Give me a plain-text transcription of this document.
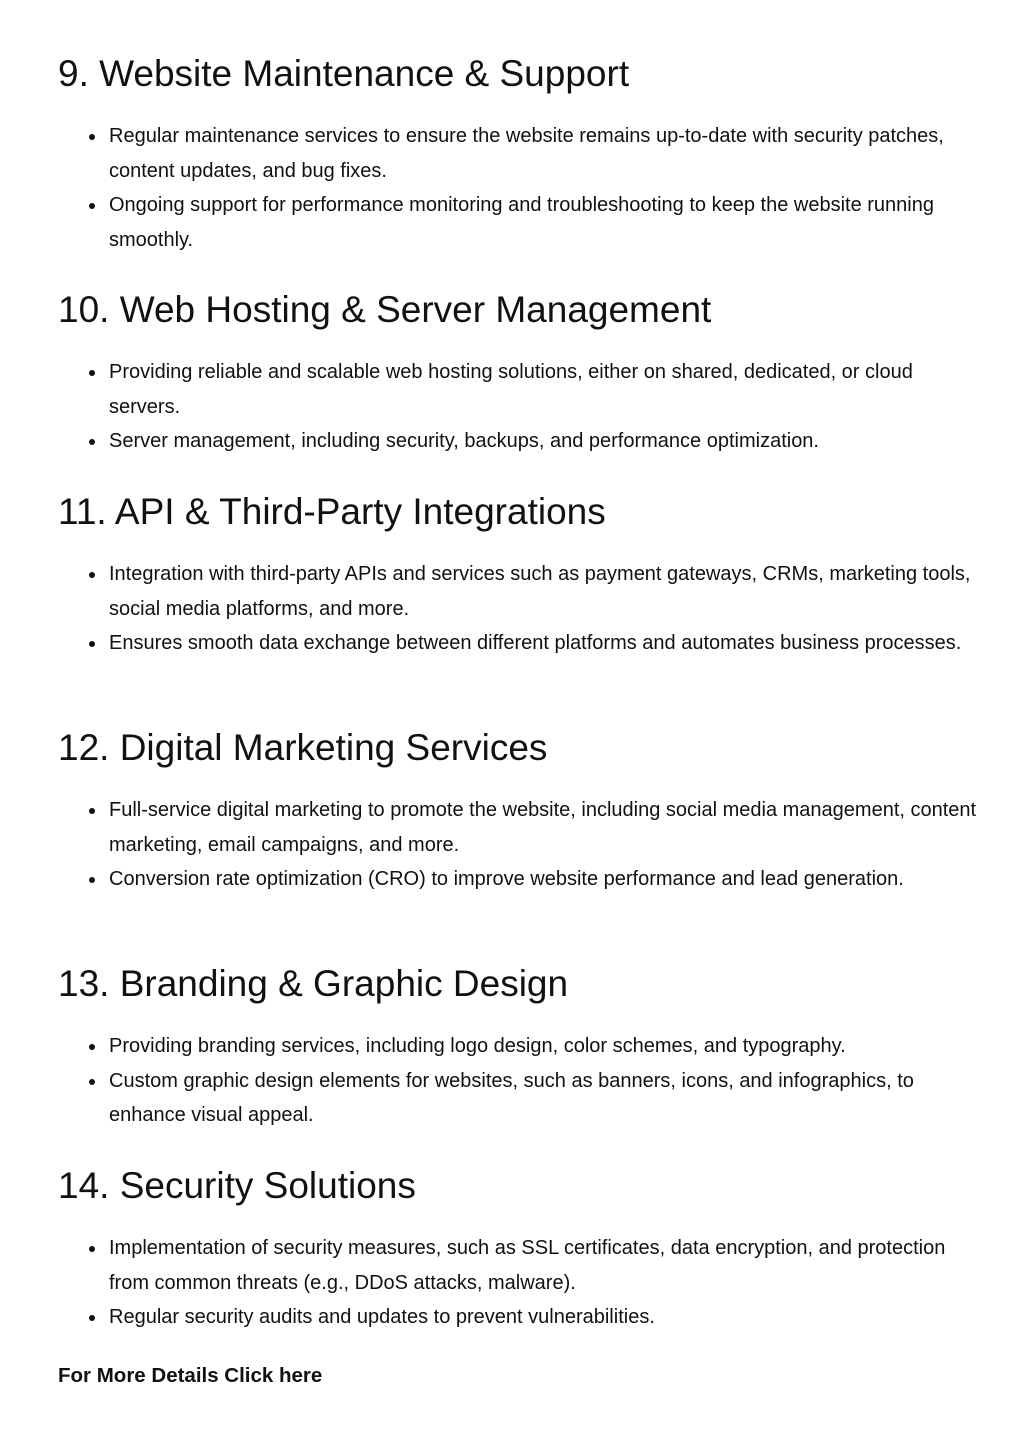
9. Website Maintenance & Support
Regular maintenance services to ensure the website remains up-to-date with security patches, content updates, and bug fixes.
Ongoing support for performance monitoring and troubleshooting to keep the website running smoothly.
10. Web Hosting & Server Management
Providing reliable and scalable web hosting solutions, either on shared, dedicated, or cloud servers.
Server management, including security, backups, and performance optimization.
11. API & Third-Party Integrations
Integration with third-party APIs and services such as payment gateways, CRMs, marketing tools, social media platforms, and more.
Ensures smooth data exchange between different platforms and automates business processes.
12. Digital Marketing Services
Full-service digital marketing to promote the website, including social media management, content marketing, email campaigns, and more.
Conversion rate optimization (CRO) to improve website performance and lead generation.
13. Branding & Graphic Design
Providing branding services, including logo design, color schemes, and typography.
Custom graphic design elements for websites, such as banners, icons, and infographics, to enhance visual appeal.
14. Security Solutions
Implementation of security measures, such as SSL certificates, data encryption, and protection from common threats (e.g., DDoS attacks, malware).
Regular security audits and updates to prevent vulnerabilities.
For More Details Click here
